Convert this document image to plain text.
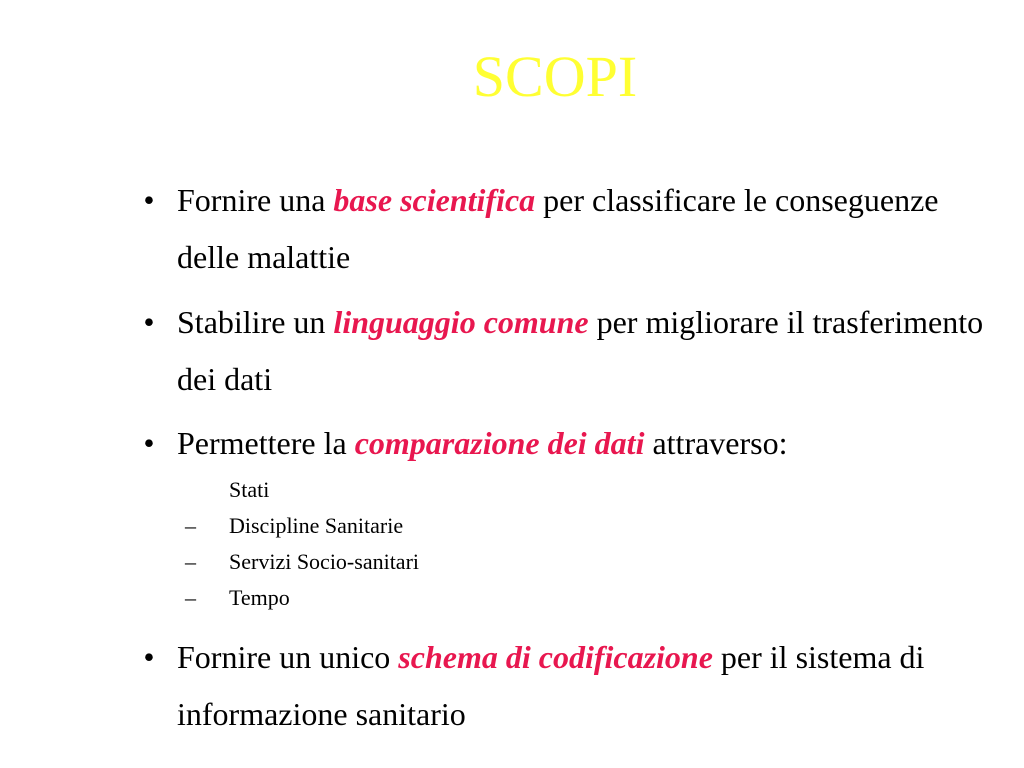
SCOPI
• Fornire una base scientifica per classificare le conseguenze delle malattie
• Stabilire un linguaggio comune per migliorare il trasferimento dei dati
• Permettere la comparazione dei dati attraverso:
Stati
– Discipline Sanitarie
– Servizi Socio-sanitari
– Tempo
• Fornire un unico schema di codificazione per il sistema di informazione sanitario
